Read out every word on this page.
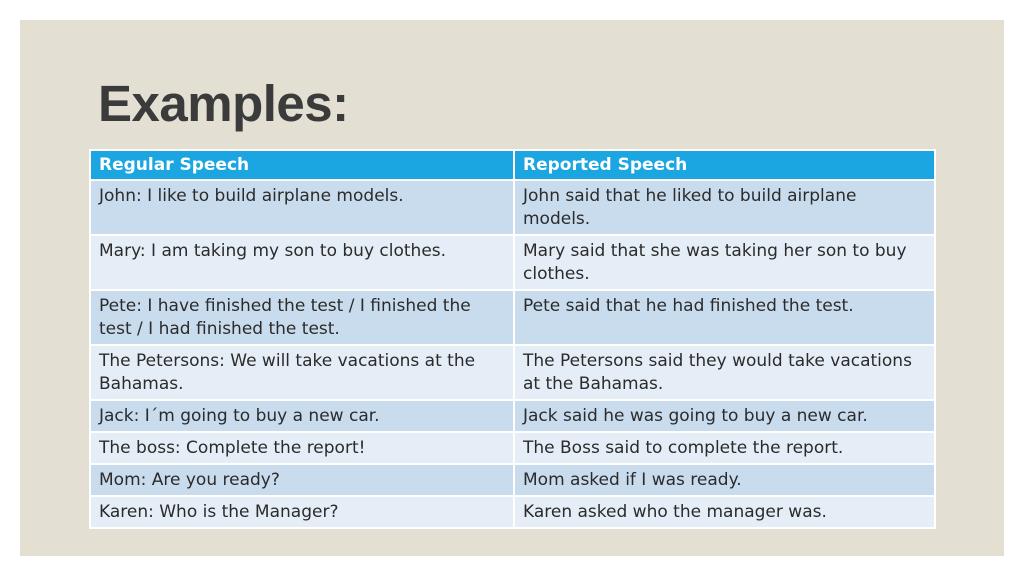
Examples:
Regular Speech	Reported Speech
John: I like to build airplane models.	John said that he liked to build airplane models.
Mary: I am taking my son to buy clothes.	Mary said that she was taking her son to buy clothes.
Pete: I have finished the test / I finished the test / I had finished the test.	Pete said that he had finished the test.
The Petersons: We will take vacations at the Bahamas.	The Petersons said they would take vacations at the Bahamas.
Jack: I´m going to buy a new car.	Jack said he was going to buy a new car.
The boss: Complete the report!	The Boss said to complete the report.
Mom: Are you ready?	Mom asked if I was ready.
Karen: Who is the Manager?	Karen asked who the manager was.
